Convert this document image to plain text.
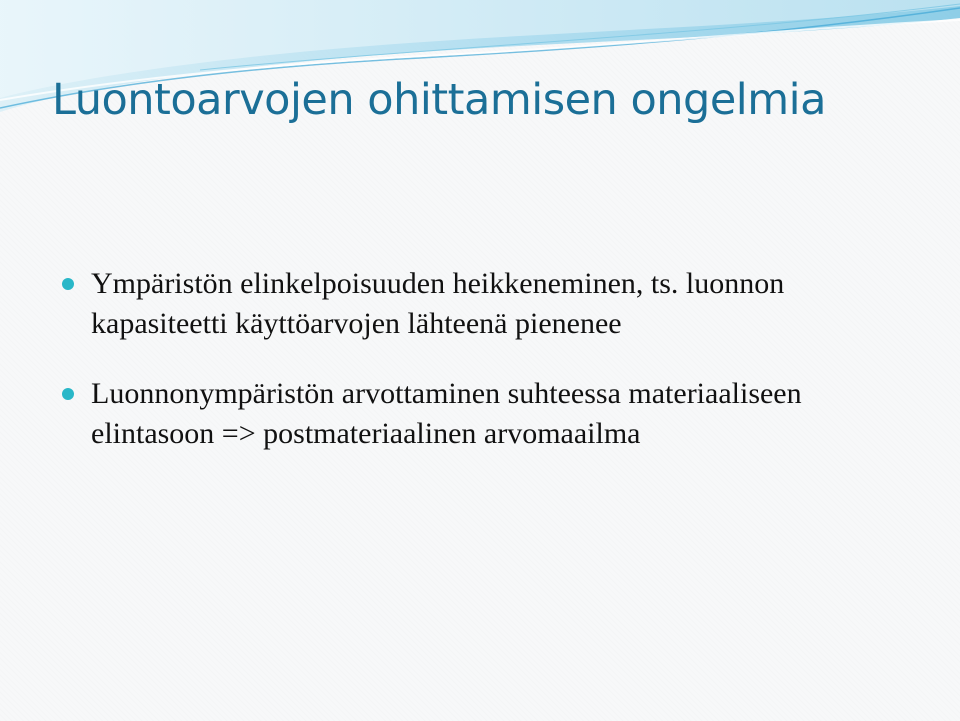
Luontoarvojen ohittamisen ongelmia
Ympäristön elinkelpoisuuden heikkeneminen, ts. luonnon kapasiteetti käyttöarvojen lähteenä pienenee
Luonnonympäristön arvottaminen suhteessa materiaaliseen elintasoon => postmateriaalinen arvomaailma
